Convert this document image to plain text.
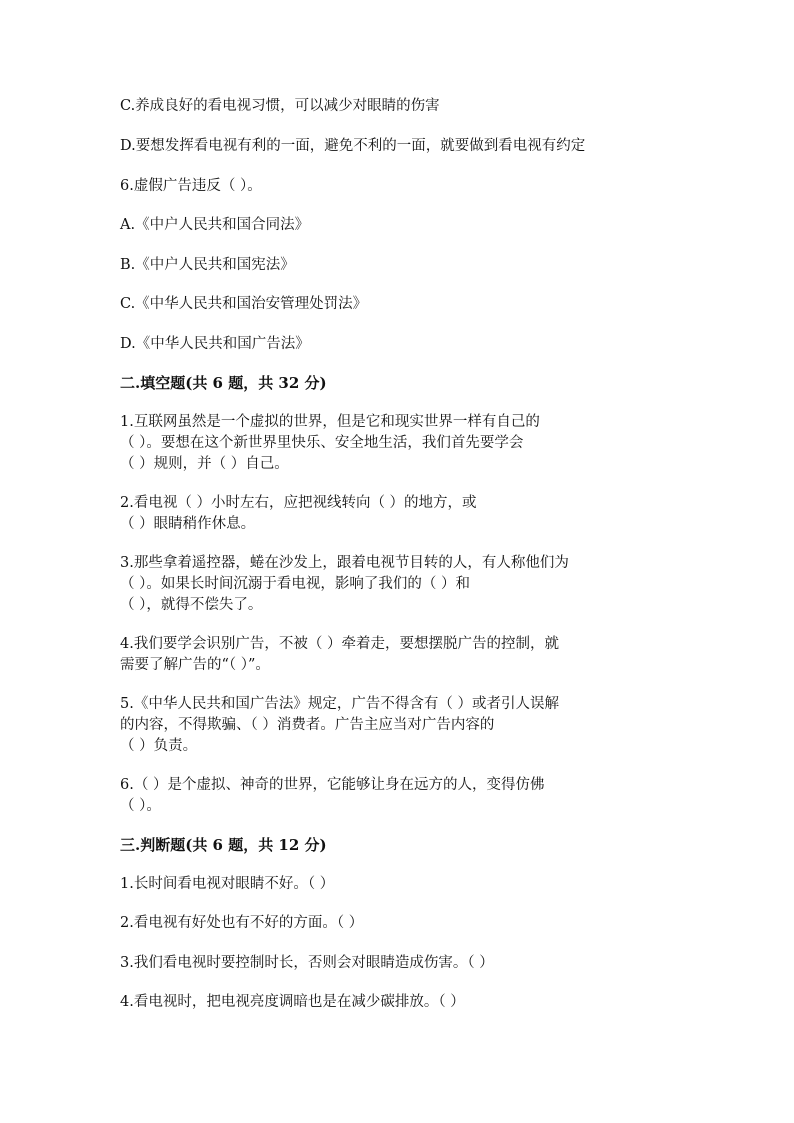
C.养成良好的看电视习惯，可以减少对眼睛的伤害
D.要想发挥看电视有利的一面，避免不利的一面，就要做到看电视有约定
6.虚假广告违反（ ）。
A.《中户人民共和国合同法》
B.《中户人民共和国宪法》
C.《中华人民共和国治安管理处罚法》
D.《中华人民共和国广告法》
二.填空题(共 6 题，共 32 分)
1.互联网虽然是一个虚拟的世界，但是它和现实世界一样有自己的
（ ）。要想在这个新世界里快乐、安全地生活，我们首先要学会
（ ）规则，并（ ）自己。
2.看电视（ ）小时左右，应把视线转向（ ）的地方，或
（ ）眼睛稍作休息。
3.那些拿着遥控器，蜷在沙发上，跟着电视节目转的人，有人称他们为
（ ）。如果长时间沉溺于看电视，影响了我们的（ ）和
（ ），就得不偿失了。
4.我们要学会识别广告，不被（ ）牵着走，要想摆脱广告的控制，就
需要了解广告的“（ ）”。
5.《中华人民共和国广告法》规定，广告不得含有（ ）或者引人误解
的内容，不得欺骗、（ ）消费者。广告主应当对广告内容的
（ ）负责。
6.（ ）是个虚拟、神奇的世界，它能够让身在远方的人，变得仿佛
（ ）。
三.判断题(共 6 题，共 12 分)
1.长时间看电视对眼睛不好。（ ）
2.看电视有好处也有不好的方面。（ ）
3.我们看电视时要控制时长，否则会对眼睛造成伤害。（ ）
4.看电视时，把电视亮度调暗也是在减少碳排放。（ ）
